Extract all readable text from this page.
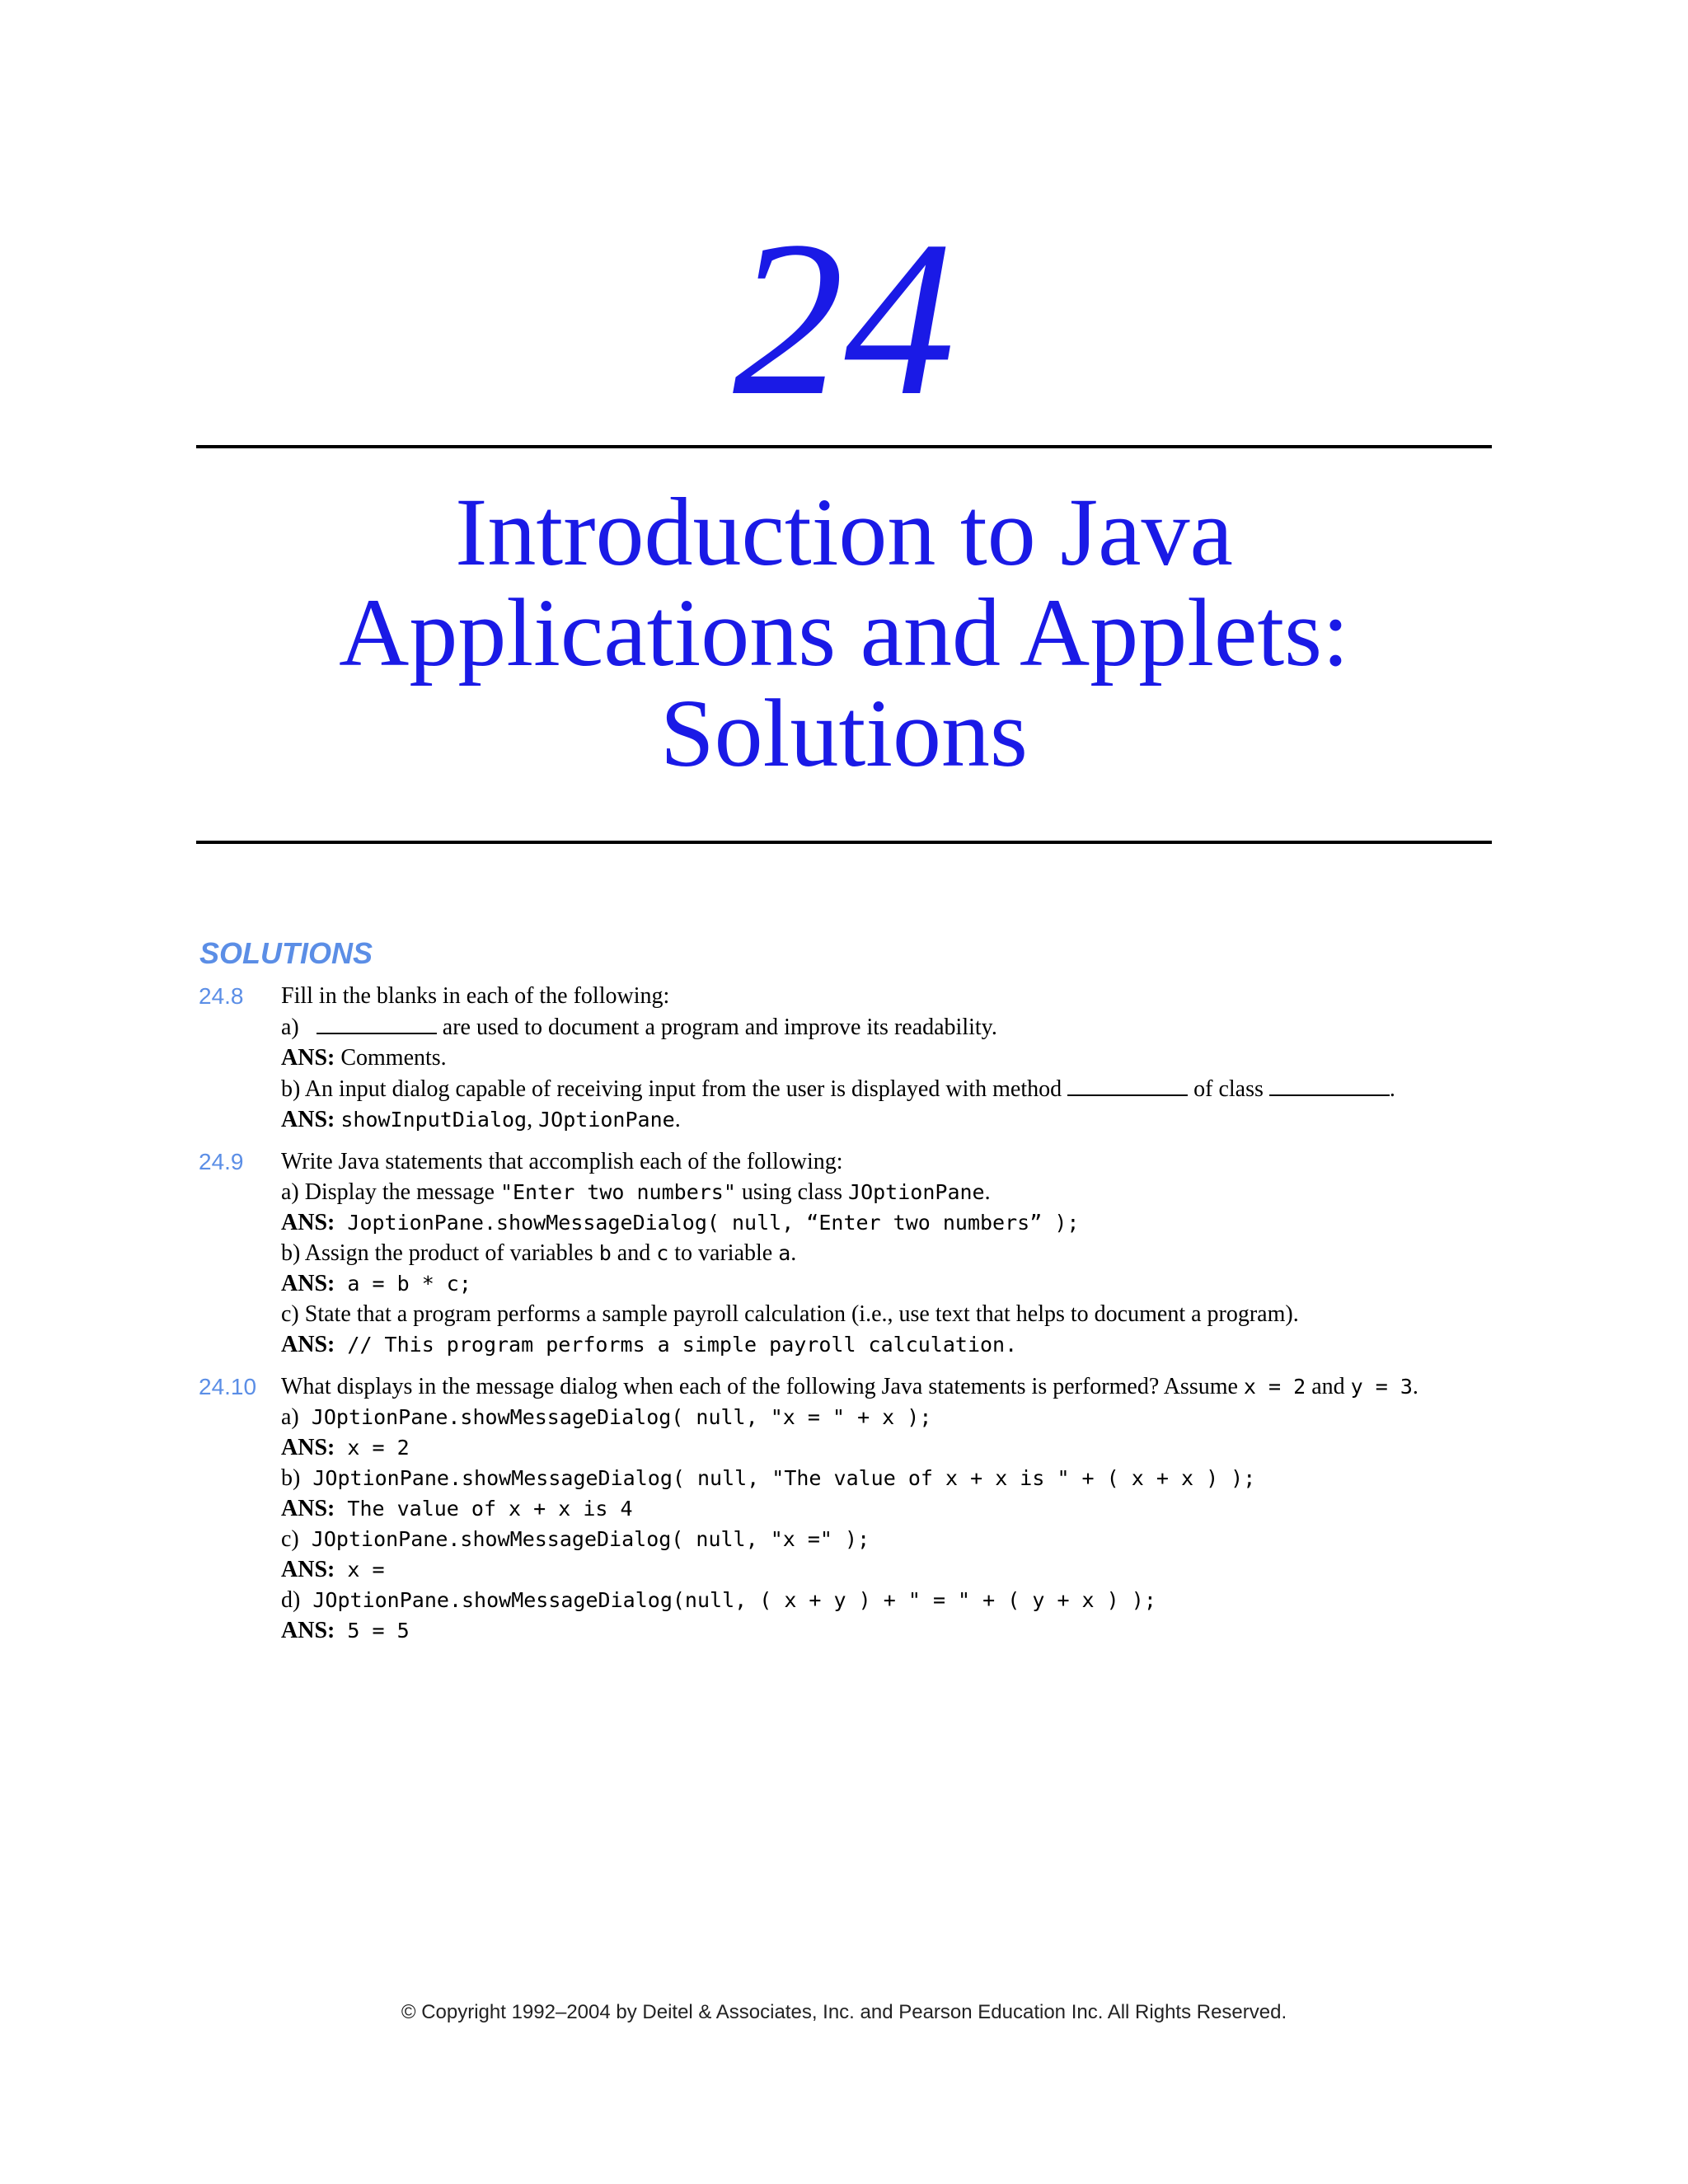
24
Introduction to Java
Applications and Applets:
Solutions
SOLUTIONS
24.8 Fill in the blanks in each of the following:
a)	are used to document a program and improve its readability.
ANS: Comments.
b) An input dialog capable of receiving input from the user is displayed with method	of class	.
ANS: showInputDialog, JOptionPane.
24.9 Write Java statements that accomplish each of the following:
a) Display the message "Enter two numbers" using class JOptionPane.
ANS: JoptionPane.showMessageDialog( null, “Enter two numbers” );
b) Assign the product of variables b and c to variable a.
ANS: a = b * c;
c) State that a program performs a sample payroll calculation (i.e., use text that helps to document a program).
ANS: // This program performs a simple payroll calculation.
24.10 What displays in the message dialog when each of the following Java statements is performed? Assume x = 2 and y = 3.
a) JOptionPane.showMessageDialog( null, "x = " + x );
ANS: x = 2
b) JOptionPane.showMessageDialog( null, "The value of x + x is " + ( x + x ) );
ANS: The value of x + x is 4
c) JOptionPane.showMessageDialog( null, "x =" );
ANS: x =
d) JOptionPane.showMessageDialog(null, ( x + y ) + " = " + ( y + x ) );
ANS: 5 = 5
© Copyright 1992–2004 by Deitel & Associates, Inc. and Pearson Education Inc. All Rights Reserved.
